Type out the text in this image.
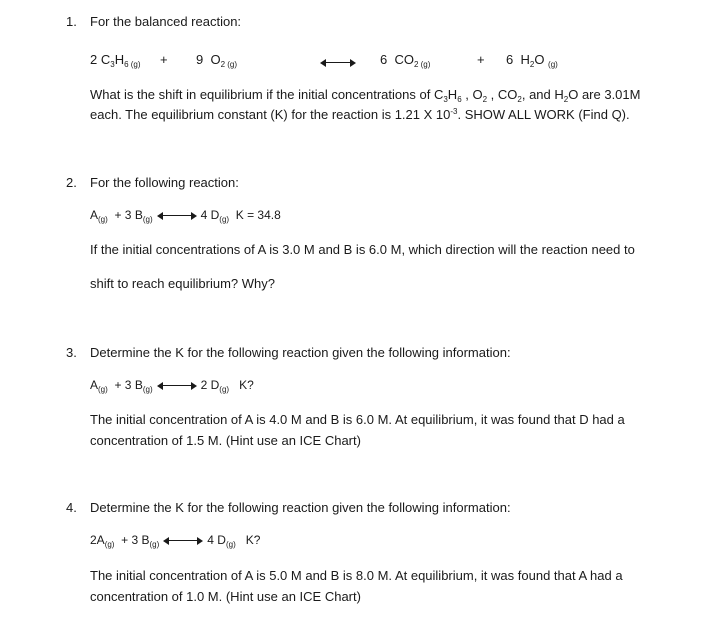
1. For the balanced reaction:
2 $C_3H_{6 (g)} + 9$ $O_{2 (g)}$	6 $CO_{2 (g)}$	+ 6 $H_2O$ $_{(g)}$
What is the shift in equilibrium if the initial concentrations of $C_3H_6$ , $O_2$ , $CO_2$, and $H_2O$ are 3.01M
each. The equilibrium constant (K) for the reaction is 1.21 X $10^{-3}$. SHOW ALL WORK (Find Q).
2. For the following reaction:
$A_{(g)} + 3$ $B_{(g)}$	4 $D_{(g)}$  K = 34.8
If the initial concentrations of A is 3.0 M and B is 6.0 M, which direction will the reaction need to
shift to reach equilibrium? Why?
3. Determine the K for the following reaction given the following information:
$A_{(g)} + 3$ $B_{(g)}$	2 $D_{(g)}$   K?
The initial concentration of A is 4.0 M and B is 6.0 M. At equilibrium, it was found that D had a
concentration of 1.5 M. (Hint use an ICE Chart)
4. Determine the K for the following reaction given the following information:
$2A_{(g)} + 3$ $B_{(g)}$	4 $D_{(g)}$   K?
The initial concentration of A is 5.0 M and B is 8.0 M. At equilibrium, it was found that A had a
concentration of 1.0 M. (Hint use an ICE Chart)
